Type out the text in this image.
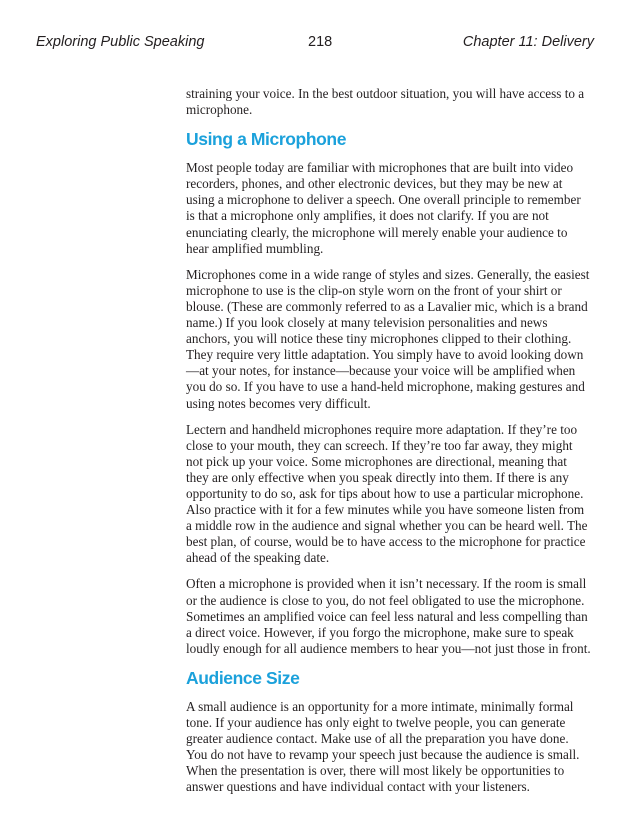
Exploring Public Speaking	218	Chapter 11: Delivery

straining your voice. In the best outdoor situation, you will have access to a microphone.

Using a Microphone

Most people today are familiar with microphones that are built into video recorders, phones, and other electronic devices, but they may be new at using a microphone to deliver a speech. One overall principle to remember is that a microphone only amplifies, it does not clarify. If you are not enunciating clearly, the microphone will merely enable your audience to hear amplified mumbling.

Microphones come in a wide range of styles and sizes. Generally, the easiest microphone to use is the clip-on style worn on the front of your shirt or blouse. (These are commonly referred to as a Lavalier mic, which is a brand name.) If you look closely at many television personalities and news anchors, you will notice these tiny microphones clipped to their clothing. They require very little adaptation. You simply have to avoid looking down—at your notes, for instance—because your voice will be amplified when you do so. If you have to use a hand-held microphone, making gestures and using notes becomes very difficult.

Lectern and handheld microphones require more adaptation. If they’re too close to your mouth, they can screech. If they’re too far away, they might not pick up your voice. Some microphones are directional, meaning that they are only effective when you speak directly into them. If there is any opportunity to do so, ask for tips about how to use a particular microphone. Also practice with it for a few minutes while you have someone listen from a middle row in the audience and signal whether you can be heard well. The best plan, of course, would be to have access to the microphone for practice ahead of the speaking date.

Often a microphone is provided when it isn’t necessary. If the room is small or the audience is close to you, do not feel obligated to use the microphone. Sometimes an amplified voice can feel less natural and less compelling than a direct voice. However, if you forgo the microphone, make sure to speak loudly enough for all audience members to hear you—not just those in front.

Audience Size

A small audience is an opportunity for a more intimate, minimally formal tone. If your audience has only eight to twelve people, you can generate greater audience contact. Make use of all the preparation you have done. You do not have to revamp your speech just because the audience is small. When the presentation is over, there will most likely be opportunities to answer questions and have individual contact with your listeners.
